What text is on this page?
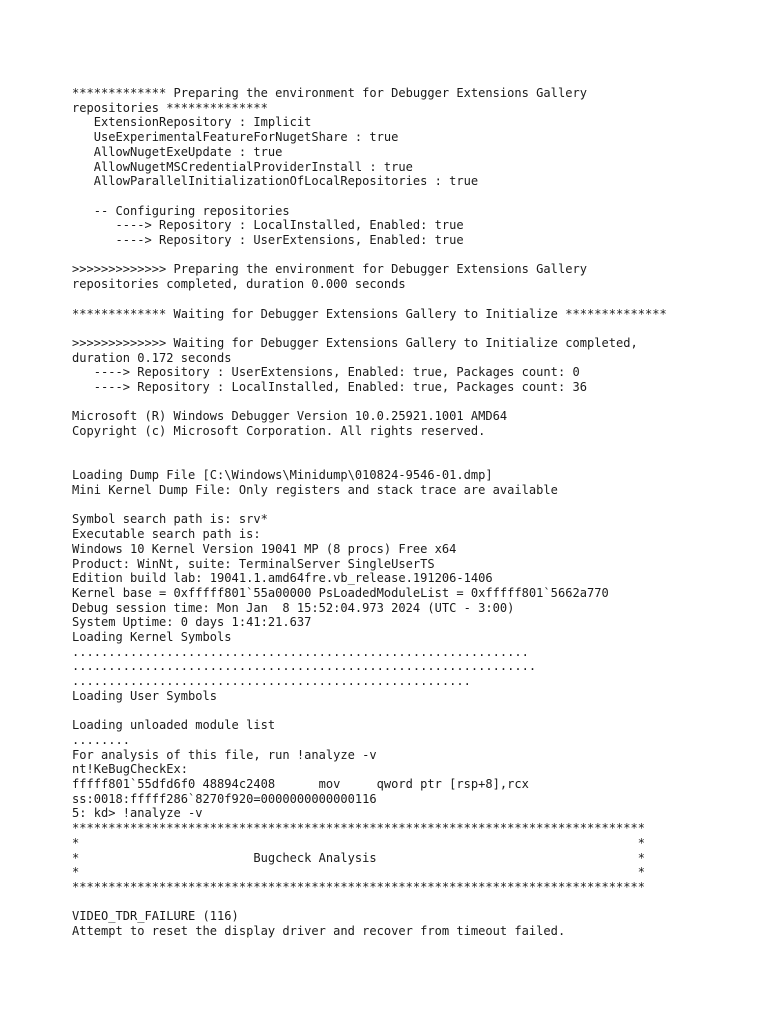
************* Preparing the environment for Debugger Extensions Gallery
repositories **************
ExtensionRepository : Implicit
UseExperimentalFeatureForNugetShare : true
AllowNugetExeUpdate : true
AllowNugetMSCredentialProviderInstall : true
AllowParallelInitializationOfLocalRepositories : true

-- Configuring repositories
----> Repository : LocalInstalled, Enabled: true
----> Repository : UserExtensions, Enabled: true

>>>>>>>>>>>>> Preparing the environment for Debugger Extensions Gallery
repositories completed, duration 0.000 seconds

************* Waiting for Debugger Extensions Gallery to Initialize **************

>>>>>>>>>>>>> Waiting for Debugger Extensions Gallery to Initialize completed,
duration 0.172 seconds
----> Repository : UserExtensions, Enabled: true, Packages count: 0
----> Repository : LocalInstalled, Enabled: true, Packages count: 36

Microsoft (R) Windows Debugger Version 10.0.25921.1001 AMD64
Copyright (c) Microsoft Corporation. All rights reserved.

Loading Dump File [C:\Windows\Minidump\010824-9546-01.dmp]
Mini Kernel Dump File: Only registers and stack trace are available

Symbol search path is: srv*
Executable search path is:
Windows 10 Kernel Version 19041 MP (8 procs) Free x64
Product: WinNt, suite: TerminalServer SingleUserTS
Edition build lab: 19041.1.amd64fre.vb_release.191206-1406
Kernel base = 0xfffff801`55a00000 PsLoadedModuleList = 0xfffff801`5662a770
Debug session time: Mon Jan  8 15:52:04.973 2024 (UTC - 3:00)
System Uptime: 0 days 1:41:21.637
Loading Kernel Symbols
...............................................................
................................................................
.......................................................
Loading User Symbols

Loading unloaded module list
........
For analysis of this file, run !analyze -v
nt!KeBugCheckEx:
fffff801`55dfd6f0 48894c2408      mov     qword ptr [rsp+8],rcx
ss:0018:fffff286`8270f920=0000000000000116
5: kd> !analyze -v
*******************************************************************************
*                                                                             *
*                        Bugcheck Analysis                                    *
*                                                                             *
*******************************************************************************

VIDEO_TDR_FAILURE (116)
Attempt to reset the display driver and recover from timeout failed.
